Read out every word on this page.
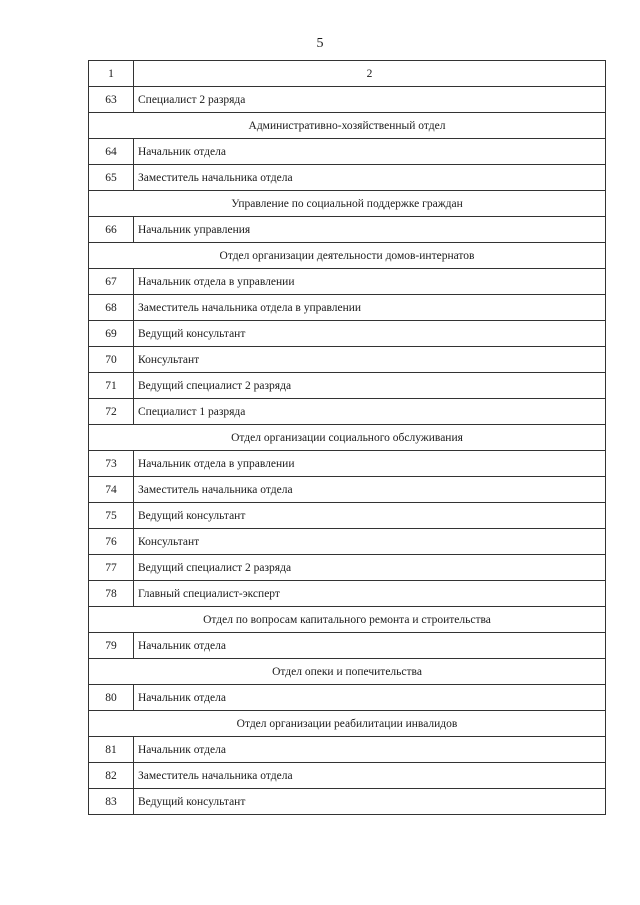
5
1	2
63	Специалист 2 разряда
Административно-хозяйственный отдел	
64	Начальник отдела
65	Заместитель начальника отдела
Управление по социальной поддержке граждан	
66	Начальник управления
Отдел организации деятельности домов-интернатов	
67	Начальник отдела в управлении
68	Заместитель начальника отдела в управлении
69	Ведущий консультант
70	Консультант
71	Ведущий специалист 2 разряда
72	Специалист 1 разряда
Отдел организации социального обслуживания	
73	Начальник отдела в управлении
74	Заместитель начальника отдела
75	Ведущий консультант
76	Консультант
77	Ведущий специалист 2 разряда
78	Главный специалист-эксперт
Отдел по вопросам капитального ремонта и строительства	
79	Начальник отдела
Отдел опеки и попечительства	
80	Начальник отдела
Отдел организации реабилитации инвалидов	
81	Начальник отдела
82	Заместитель начальника отдела
83	Ведущий консультант
